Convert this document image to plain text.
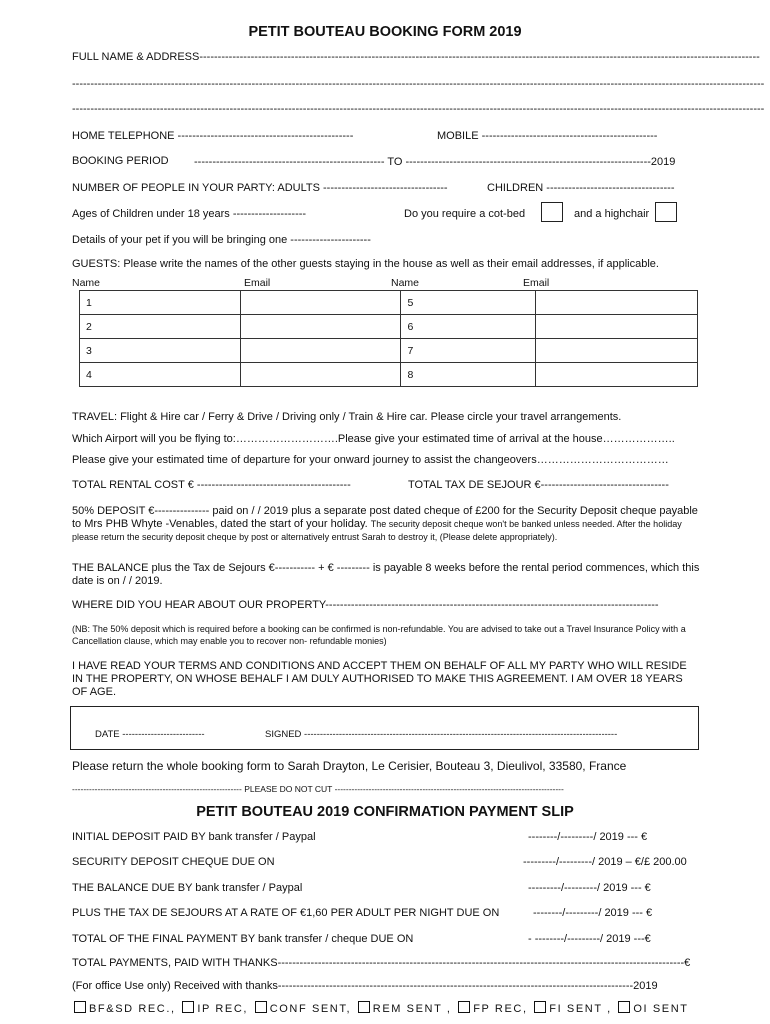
PETIT BOUTEAU BOOKING FORM 2019
FULL NAME & ADDRESS---------------------------------------------------------------------------------------------------------------------------------------------------------
---------------------------------------------------------------------------------------------------------------------------------------------------------------------------------------------
---------------------------------------------------------------------------------------------------------------------------------------------------------------------------------------------
HOME TELEPHONE ------------------------------------------------	MOBILE ------------------------------------------------
BOOKING PERIOD ---------------------------------------------------- TO -------------------------------------------------------------------2019
NUMBER OF PEOPLE IN YOUR PARTY: ADULTS ----------------------------------	CHILDREN -----------------------------------
Ages of Children under 18 years --------------------	Do you require a cot-bed	and a highchair
Details of your pet if you will be bringing one ----------------------
GUESTS: Please write the names of the other guests staying in the house as well as their email addresses, if applicable.
Name	Email	Name	Email
1		5	
2		6	
3		7	
4		8	
TRAVEL: Flight & Hire car / Ferry & Drive / Driving only / Train & Hire car. Please circle your travel arrangements.
Which Airport will you be flying to:……………………….Please give your estimated time of arrival at the house………………..
Please give your estimated time of departure for your onward journey to assist the changeovers………………………………
TOTAL RENTAL COST € ------------------------------------------	TOTAL TAX DE SEJOUR €-----------------------------------
50% DEPOSIT €--------------- paid on / / 2019 plus a separate post dated cheque of £200 for the Security Deposit cheque payable to Mrs PHB Whyte -Venables, dated the start of your holiday. The security deposit cheque won't be banked unless needed. After the holiday please return the security deposit cheque by post or alternatively entrust Sarah to destroy it, (Please delete appropriately).
THE BALANCE plus the Tax de Sejours €----------- + € --------- is payable 8 weeks before the rental period commences, which this date is on / / 2019.
WHERE DID YOU HEAR ABOUT OUR PROPERTY-------------------------------------------------------------------------------------------
(NB: The 50% deposit which is required before a booking can be confirmed is non-refundable. You are advised to take out a Travel Insurance Policy with a Cancellation clause, which may enable you to recover non- refundable monies)
I HAVE READ YOUR TERMS AND CONDITIONS AND ACCEPT THEM ON BEHALF OF ALL MY PARTY WHO WILL RESIDE IN THE PROPERTY, ON WHOSE BEHALF I AM DULY AUTHORISED TO MAKE THIS AGREEMENT. I AM OVER 18 YEARS OF AGE.
DATE --------------------------	SIGNED ---------------------------------------------------------------------------------------------------
Please return the whole booking form to Sarah Drayton, Le Cerisier, Bouteau 3, Dieulivol, 33580, France
------------------------------------------------------------ PLEASE DO NOT CUT ---------------------------------------------------------------------------------
PETIT BOUTEAU 2019 CONFIRMATION PAYMENT SLIP
INITIAL DEPOSIT PAID BY bank transfer / Paypal	--------/---------/ 2019 --- €
SECURITY DEPOSIT CHEQUE DUE ON	---------/---------/ 2019 – €/£ 200.00
THE BALANCE DUE BY bank transfer / Paypal	---------/---------/ 2019 --- €
PLUS THE TAX DE SEJOURS AT A RATE OF €1,60 PER ADULT PER NIGHT DUE ON	--------/---------/ 2019 --- €
TOTAL OF THE FINAL PAYMENT BY bank transfer / cheque DUE ON	- --------/---------/ 2019 ---€
TOTAL PAYMENTS, PAID WITH THANKS---------------------------------------------------------------------------------------------------------------€
(For office Use only) Received with thanks-------------------------------------------------------------------------------------------------2019
BF&SD REC., IP REC, CONF SENT, REM SENT , FP REC, FI SENT , OI SENT
